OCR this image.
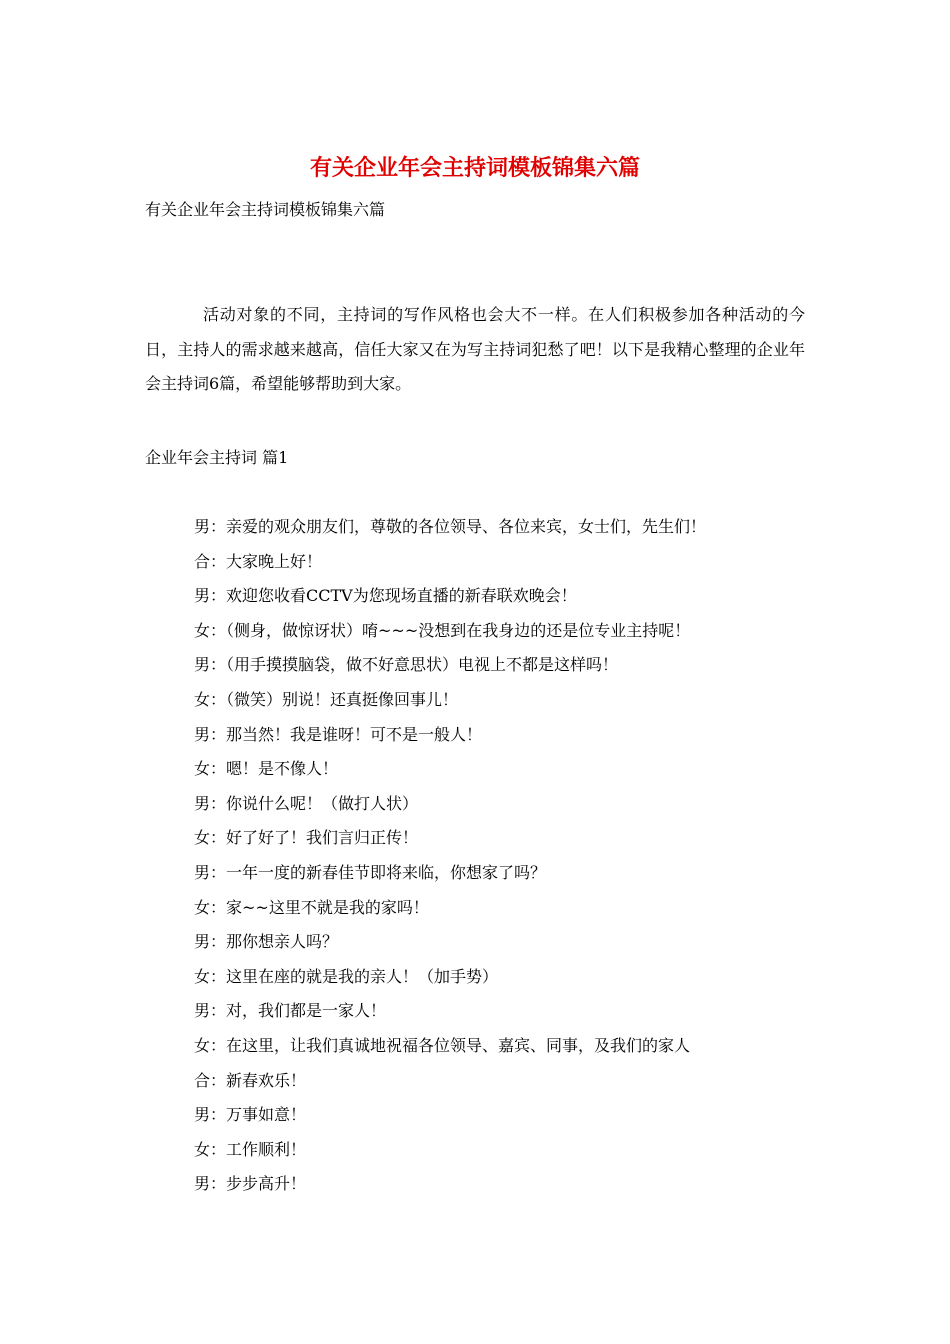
有关企业年会主持词模板锦集六篇
有关企业年会主持词模板锦集六篇

活动对象的不同，主持词的写作风格也会大不一样。在人们积极参加各种活动的今日，主持人的需求越来越高，信任大家又在为写主持词犯愁了吧！以下是我精心整理的企业年会主持词6篇，希望能够帮助到大家。

企业年会主持词 篇1
男：亲爱的观众朋友们，尊敬的各位领导、各位来宾，女士们，先生们！
合：大家晚上好！
男：欢迎您收看CCTV为您现场直播的新春联欢晚会！
女：（侧身，做惊讶状）唷~~~没想到在我身边的还是位专业主持呢！
男：（用手摸摸脑袋，做不好意思状）电视上不都是这样吗！
女：（微笑）别说！还真挺像回事儿！
男：那当然！我是谁呀！可不是一般人！
女：嗯！是不像人！
男：你说什么呢！（做打人状）
女：好了好了！我们言归正传！
男：一年一度的新春佳节即将来临，你想家了吗？
女：家~~这里不就是我的家吗！
男：那你想亲人吗？
女：这里在座的就是我的亲人！（加手势）
男：对，我们都是一家人！
女：在这里，让我们真诚地祝福各位领导、嘉宾、同事，及我们的家人
合：新春欢乐！
男：万事如意！
女：工作顺利！
男：步步高升！
